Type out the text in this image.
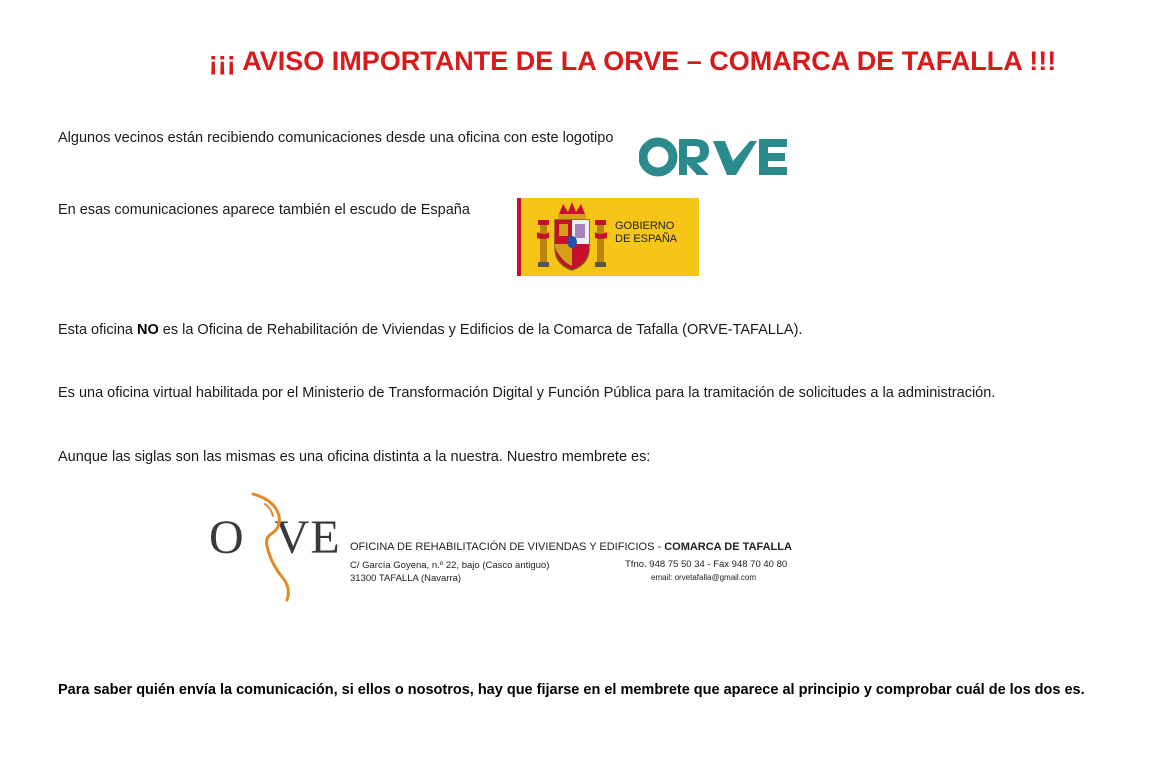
¡¡¡ AVISO IMPORTANTE DE LA ORVE – COMARCA DE TAFALLA !!!
Algunos vecinos están recibiendo comunicaciones desde una oficina con este logotipo
En esas comunicaciones aparece también el escudo de España
GOBIERNO
DE ESPAÑA
Esta oficina NO es la Oficina de Rehabilitación de Viviendas y Edificios de la Comarca de Tafalla (ORVE-TAFALLA).
Es una oficina virtual habilitada por el Ministerio de Transformación Digital y Función Pública para la tramitación de solicitudes a la administración.
Aunque las siglas son las mismas es una oficina distinta a la nuestra. Nuestro membrete es:
O VE OFICINA DE REHABILITACIÓN DE VIVIENDAS Y EDIFICIOS - COMARCA DE TAFALLA
C/ García Goyena, n.º 22, bajo (Casco antiguo)
31300 TAFALLA (Navarra)
Tfno. 948 75 50 34 - Fax 948 70 40 80
email: orvetafalla@gmail.com
Para saber quién envía la comunicación, si ellos o nosotros, hay que fijarse en el membrete que aparece al principio y comprobar cuál de los dos es.
